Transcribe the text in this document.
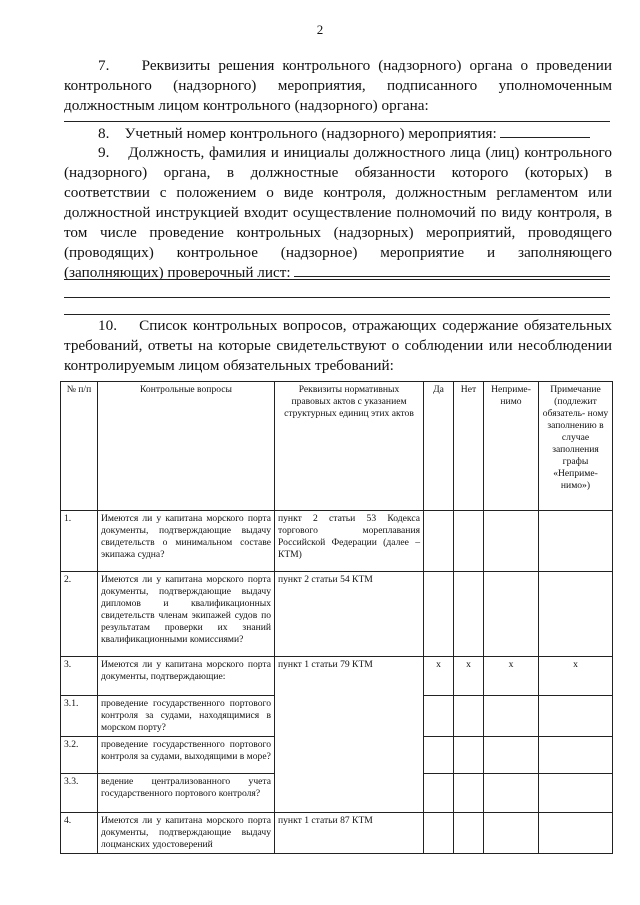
2
7. Реквизиты решения контрольного (надзорного) органа о проведении контрольного (надзорного) мероприятия, подписанного уполномоченным должностным лицом контрольного (надзорного) органа:
8. Учетный номер контрольного (надзорного) мероприятия:
9. Должность, фамилия и инициалы должностного лица (лиц) контрольного (надзорного) органа, в должностные обязанности которого (которых) в соответствии с положением о виде контроля, должностным регламентом или должностной инструкцией входит осуществление полномочий по виду контроля, в том числе проведение контрольных (надзорных) мероприятий, проводящего (проводящих) контрольное (надзорное) мероприятие и заполняющего (заполняющих) проверочный лист:
10. Список контрольных вопросов, отражающих содержание обязательных требований, ответы на которые свидетельствуют о соблюдении или несоблюдении контролируемым лицом обязательных требований:
№ п/п	Контрольные вопросы	Реквизиты нормативных правовых актов с указанием структурных единиц этих актов	Да	Нет	Неприме- нимо	Примечание (подлежит обязатель- ному заполнению в случае заполнения графы «Неприме- нимо»)
1.	Имеются ли у капитана морского порта документы, подтверждающие выдачу свидетельств о минимальном составе экипажа судна?	пункт 2 статьи 53 Кодекса торгового мореплавания Российской Федерации (далее – КТМ)				
2.	Имеются ли у капитана морского порта документы, подтверждающие выдачу дипломов и квалификационных свидетельств членам экипажей судов по результатам проверки их знаний квалификационными комиссиями?	пункт 2 статьи 54 КТМ				
3.	Имеются ли у капитана морского порта документы, подтверждающие:	пункт 1 статьи 79 КТМ	x	x	x	x
3.1.	проведение государственного портового контроля за судами, находящимися в морском порту?					
3.2.	проведение государственного портового контроля за судами, выходящими в море?					
3.3.	ведение централизованного учета государственного портового контроля?					
4.	Имеются ли у капитана морского порта документы, подтверждающие выдачу лоцманских удостоверений	пункт 1 статьи 87 КТМ				
